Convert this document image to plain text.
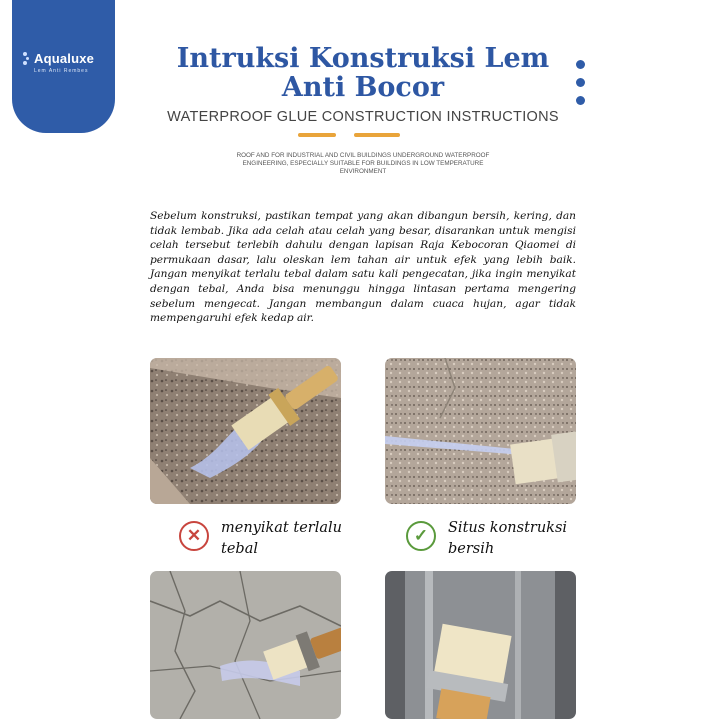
Aqualuxe
Lem Anti Rembes	Intruksi Konstruksi Lem Anti Bocor
WATERPROOF GLUE CONSTRUCTION INSTRUCTIONS
ROOF AND FOR INDUSTRIAL AND CIVIL BUILDINGS UNDERGROUND WATERPROOF ENGINEERING, ESPECIALLY SUITABLE FOR BUILDINGS IN LOW TEMPERATURE ENVIRONMENT

Sebelum konstruksi, pastikan tempat yang akan dibangun bersih, kering, dan tidak lembab. Jika ada celah atau celah yang besar, disarankan untuk mengisi celah tersebut terlebih dahulu dengan lapisan Raja Kebocoran Qiaomei di permukaan dasar, lalu oleskan lem tahan air untuk efek yang lebih baik. Jangan menyikat terlalu tebal dalam satu kali pengecatan, jika ingin menyikat dengan tebal, Anda bisa menunggu hingga lintasan pertama mengering sebelum mengecat. Jangan membangun dalam cuaca hujan, agar tidak mempengaruhi efek kedap air.

✕	menyikat terlalu tebal
✓	Situs konstruksi bersih
